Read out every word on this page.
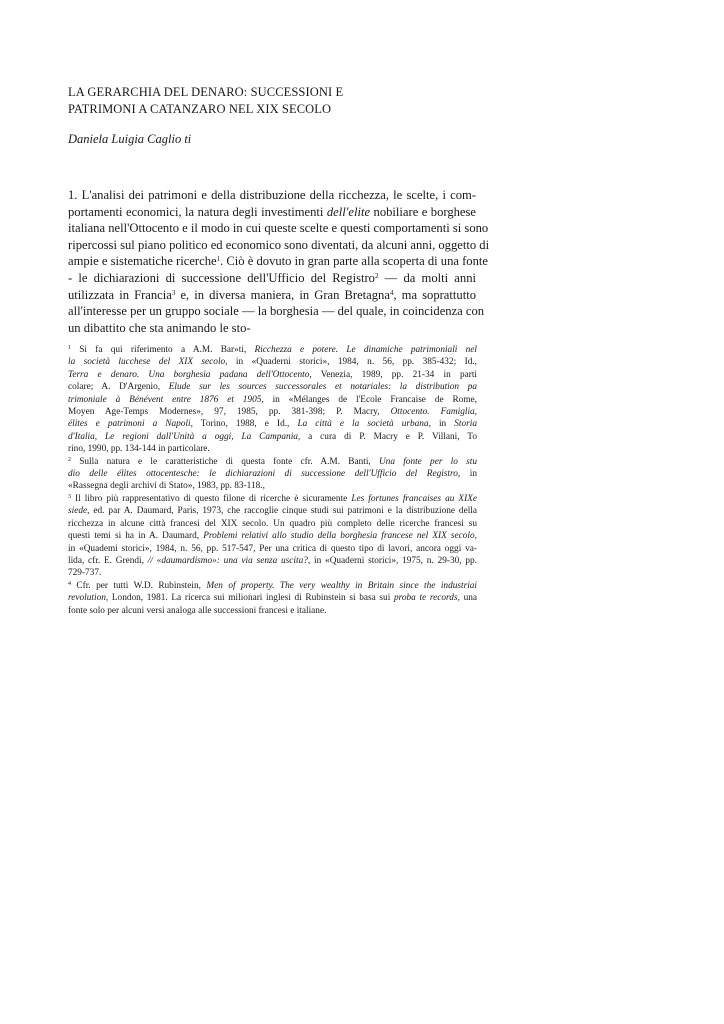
LA GERARCHIA DEL DENARO: SUCCESSIONI E
PATRIMONI A CATANZARO NEL XIX SECOLO
Daniela Luigia Caglio ti
1. L'analisi dei patrimoni e della distribuzione della ricchezza, le scelte, i com-
portamenti economici, la natura degli investimenti dell'elite nobiliare e borghese
italiana nell'Ottocento e il modo in cui queste scelte e questi comportamenti si sono
ripercossi sul piano politico ed economico sono diventati, da alcuni anni, oggetto di
ampie e sistematiche ricerche$^1$. Ciò è dovuto in gran parte alla scoperta di una fonte
- le dichiarazioni di successione dell'Ufficio del Registro$^2$ — da molti anni
utilizzata in Francia$^3$ e, in diversa maniera, in Gran Bretagna$^4$, ma soprattutto
all'interesse per un gruppo sociale — la borghesia — del quale, in coincidenza con
un dibattito che sta animando le sto-
$^1$ Si fa qui riferimento a A.M. Bar»ti, Ricchezza e potere. Le dinamiche patrimoniali nel
la società lucchese del XIX secolo, in «Quaderni storici», 1984, n. 56, pp. 385-432; Id.,
Terra e denaro. Una borghesia padana dell'Ottocento, Venezia, 1989, pp. 21-34 in parti
colare; A. D'Argenio, Elude sur les sources successorales et notariales: la distribution pa
trimoniale à Bénévent entre 1876 et 1905, in «Mélanges de l'Ecole Francaise de Rome,
Moyen Age-Temps Modernes», 97, 1985, pp. 381-398; P. Macry, Ottocento. Famiglia,
élites e patrimoni a Napoli, Torino, 1988, e Id., La città e la società urbana, in Storia
d'Italia, Le regioni dall'Unità a oggi, La Campania, a cura di P. Macry e P. Villani, To
rino, 1990, pp. 134-144 in particolare.
$^2$ Sulla natura e le caratteristiche di questa fonte cfr. A.M. Banti, Una fonte per lo stu
dio delle élites ottocentesche: le dichiarazioni di successione dell'Ufficio del Registro, in
«Rassegna degli archivi di Stato», 1983, pp. 83-118.,
$^3$ Il libro più rappresentativo di questo filone di ricerche è sicuramente Les fortunes francaises au XIXe
siede, ed. par A. Daumard, Paris, 1973, che raccoglie cinque studi sui patrimoni e la distribuzione della
ricchezza in alcune città francesi del XIX secolo. Un quadro più completo delle ricerche francesi su
questi temi si ha in A. Daumard, Problemi relativi allo studio della borghesia francese nel XIX secolo,
in «Quademi storici», 1984, n. 56, pp. 517-547, Per una critica di questo tipo di lavori, ancora oggi va-
lida, cfr. E. Grendi, // «daumardismo»: una via senza uscita?, in «Quaderni storici», 1975, n. 29-30, pp.
729-737.
$^4$ Cfr. per tutti W.D. Rubinstein, Men of property. The very wealthy in Britain since the industriai
revolution, London, 1981. La ricerca sui milionari inglesi di Rubinstein si basa sui proba te records, una
fonte solo per alcuni versi analoga alle successioni francesi e italiane.
